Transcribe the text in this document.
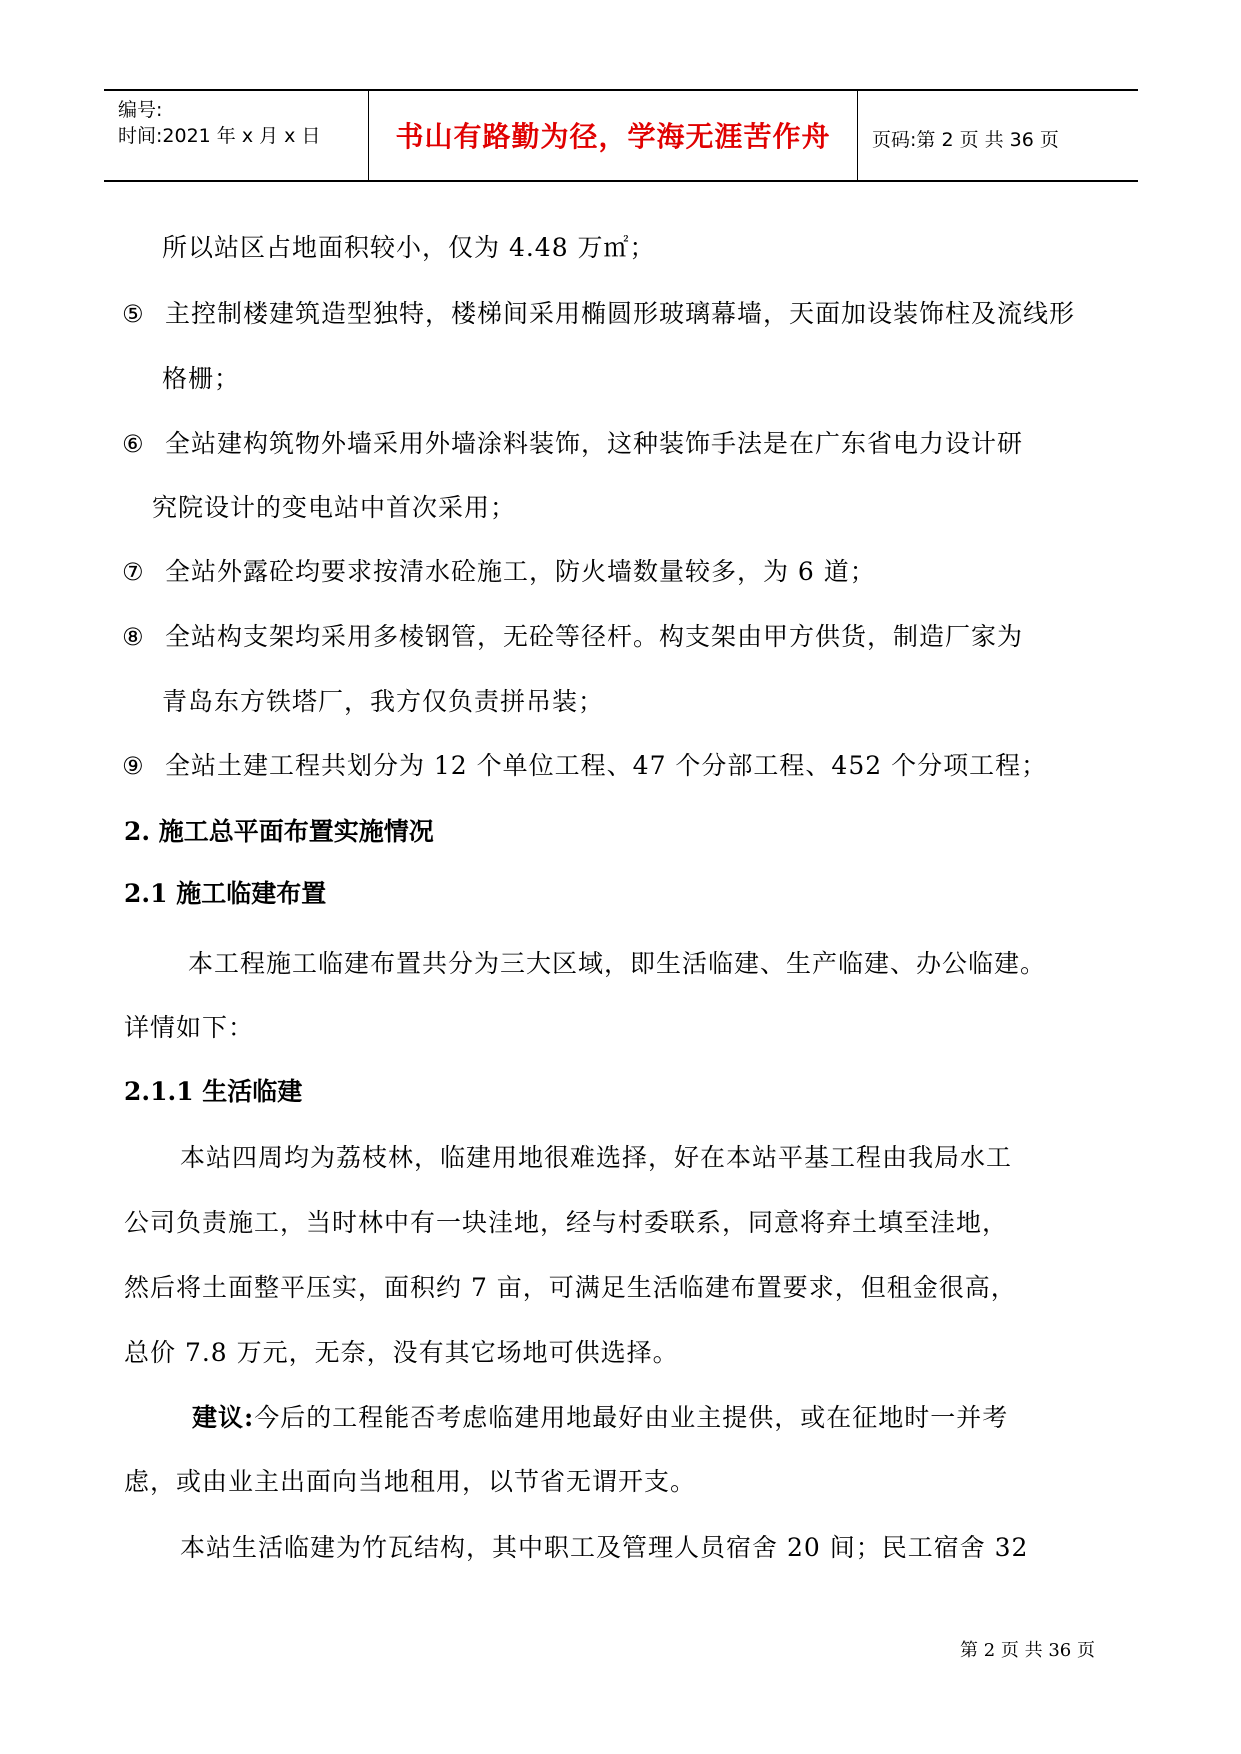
编号:
时间:2021 年 x 月 x 日	书山有路勤为径，学海无涯苦作舟	页码:第 2 页 共 36 页
所以站区占地面积较小，仅为 4.48 万㎡；
⑤ 主控制楼建筑造型独特，楼梯间采用椭圆形玻璃幕墙，天面加设装饰柱及流线形
格栅；
⑥ 全站建构筑物外墙采用外墙涂料装饰，这种装饰手法是在广东省电力设计研
究院设计的变电站中首次采用；
⑦ 全站外露砼均要求按清水砼施工，防火墙数量较多，为 6 道；
⑧ 全站构支架均采用多棱钢管，无砼等径杆。构支架由甲方供货，制造厂家为
青岛东方铁塔厂，我方仅负责拼吊装；
⑨ 全站土建工程共划分为 12 个单位工程、47 个分部工程、452 个分项工程；
2. 施工总平面布置实施情况
2.1 施工临建布置
本工程施工临建布置共分为三大区域，即生活临建、生产临建、办公临建。
详情如下：
2.1.1 生活临建
本站四周均为荔枝林，临建用地很难选择，好在本站平基工程由我局水工
公司负责施工，当时林中有一块洼地，经与村委联系，同意将弃土填至洼地，
然后将土面整平压实，面积约 7 亩，可满足生活临建布置要求，但租金很高，
总价 7.8 万元，无奈，没有其它场地可供选择。
建议:今后的工程能否考虑临建用地最好由业主提供，或在征地时一并考
虑，或由业主出面向当地租用，以节省无谓开支。
本站生活临建为竹瓦结构，其中职工及管理人员宿舍 20 间；民工宿舍 32
第 2 页 共 36 页
